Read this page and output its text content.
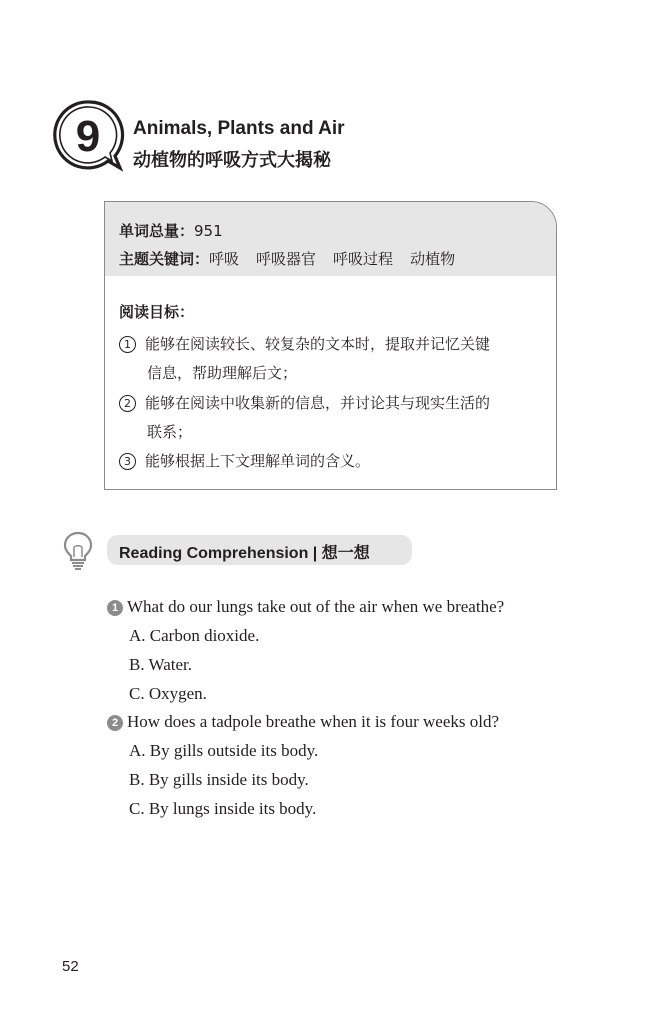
9 Animals, Plants and Air
动植物的呼吸方式大揭秘
单词总量：951
主题关键词：呼吸 呼吸器官 呼吸过程 动植物
阅读目标：
1 能够在阅读较长、较复杂的文本时，提取并记忆关键
信息，帮助理解后文；
2 能够在阅读中收集新的信息，并讨论其与现实生活的
联系；
3 能够根据上下文理解单词的含义。
Reading Comprehension | 想一想
1 What do our lungs take out of the air when we breathe?
A. Carbon dioxide.
B. Water.
C. Oxygen.
2 How does a tadpole breathe when it is four weeks old?
A. By gills outside its body.
B. By gills inside its body.
C. By lungs inside its body.
52
